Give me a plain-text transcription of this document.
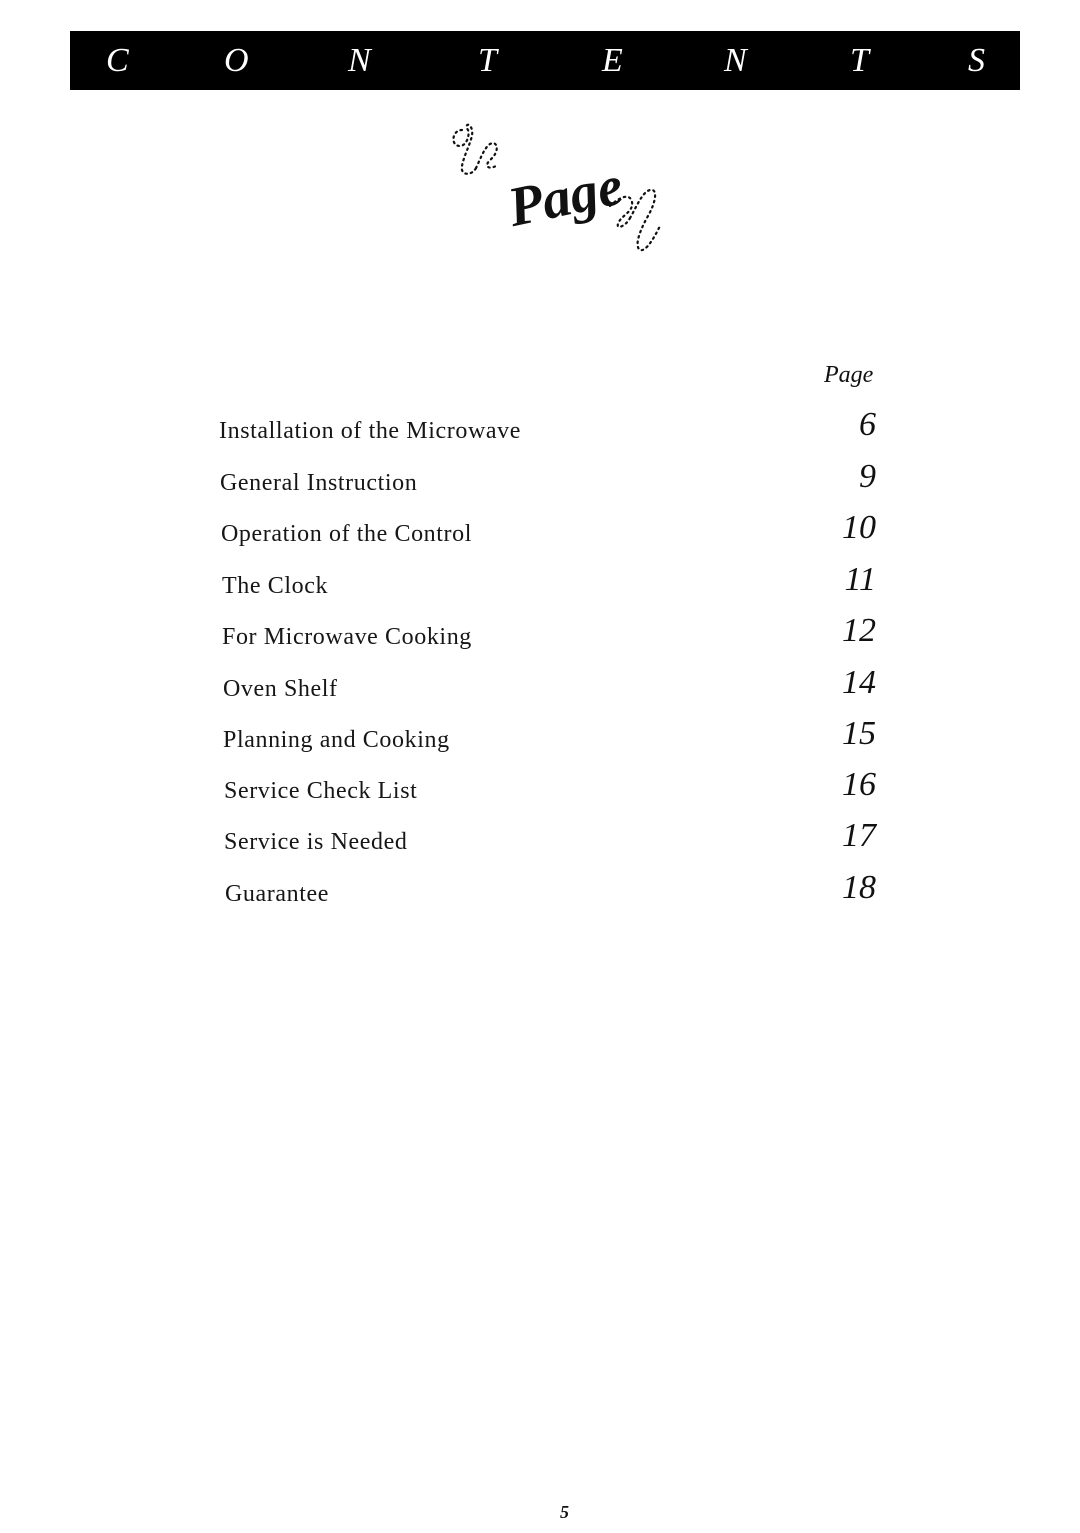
C	O	N	T	E	N	T	S
Page
Page
Installation of the Microwave	6
General Instruction	9
Operation of the Control	10
The Clock	11
For Microwave Cooking	12
Oven Shelf	14
Planning and Cooking	15
Service Check List	16
Service is Needed	17
Guarantee	18
5
